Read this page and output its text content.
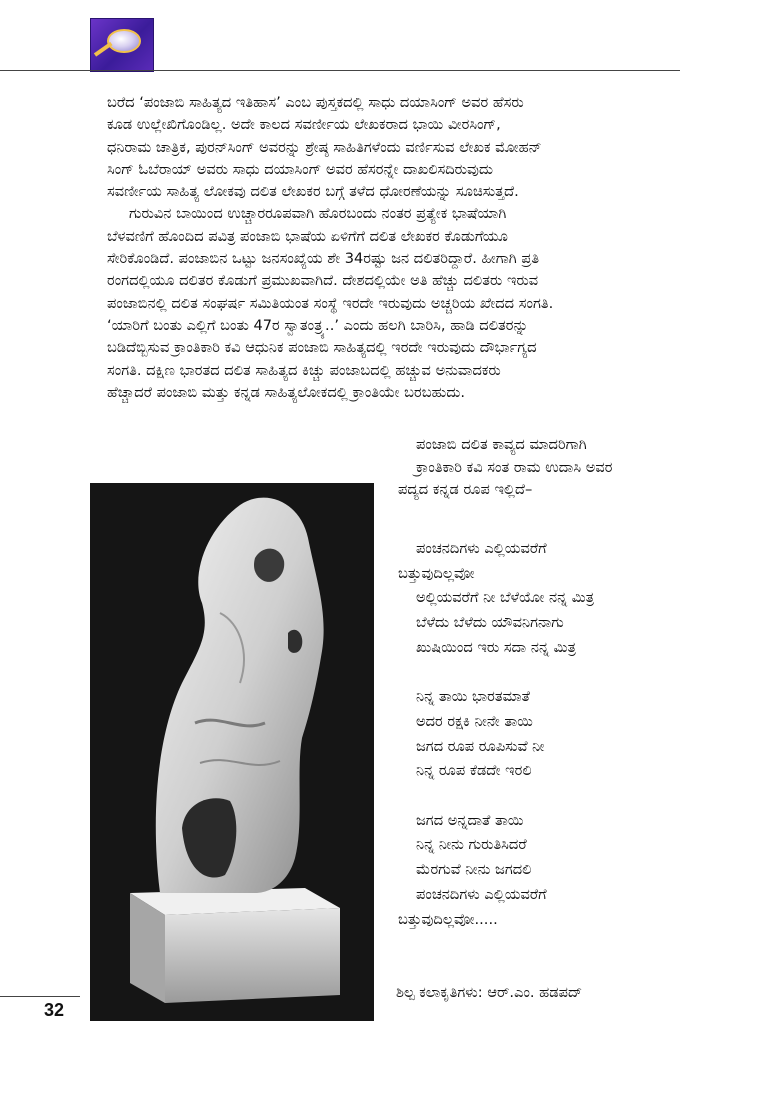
ಬರೆದ ‘ಪಂಜಾಬಿ ಸಾಹಿತ್ಯದ ಇತಿಹಾಸ’ ಎಂಬ ಪುಸ್ತಕದಲ್ಲಿ ಸಾಧು ದಯಾಸಿಂಗ್ ಅವರ ಹೆಸರು

ಕೂಡ ಉಲ್ಲೇಖಿಗೊಂಡಿಲ್ಲ. ಅದೇ ಕಾಲದ ಸವರ್ಣೀಯ ಲೇಖಕರಾದ ಭಾಯಿ ವೀರಸಿಂಗ್,

ಧನಿರಾಮ ಚಾತ್ರಿಕ, ಪುರನ್‌ಸಿಂಗ್ ಅವರನ್ನು ಶ್ರೇಷ್ಠ ಸಾಹಿತಿಗಳೆಂದು ವರ್ಣಿಸುವ ಲೇಖಕ ಮೋಹನ್

ಸಿಂಗ್ ಓಬೆರಾಯ್ ಅವರು ಸಾಧು ದಯಾಸಿಂಗ್ ಅವರ ಹೆಸರನ್ನೇ ದಾಖಲಿಸದಿರುವುದು

ಸವರ್ಣೀಯ ಸಾಹಿತ್ಯ ಲೋಕವು ದಲಿತ ಲೇಖಕರ ಬಗ್ಗೆ ತಳೆದ ಧೋರಣೆಯನ್ನು ಸೂಚಿಸುತ್ತದೆ.

ಗುರುವಿನ ಬಾಯಿಂದ ಉಚ್ಚಾರರೂಪವಾಗಿ ಹೊರಬಂದು ನಂತರ ಪ್ರತ್ಯೇಕ ಭಾಷೆಯಾಗಿ

ಬೆಳವಣಿಗೆ ಹೊಂದಿದ ಪವಿತ್ರ ಪಂಜಾಬಿ ಭಾಷೆಯ ಏಳಿಗೆಗೆ ದಲಿತ ಲೇಖಕರ ಕೊಡುಗೆಯೂ

ಸೇರಿಕೊಂಡಿದೆ. ಪಂಜಾಬಿನ ಒಟ್ಟು ಜನಸಂಖ್ಯೆಯ ಶೇ 34ರಷ್ಟು ಜನ ದಲಿತರಿದ್ದಾರೆ. ಹೀಗಾಗಿ ಪ್ರತಿ

ರಂಗದಲ್ಲಿಯೂ ದಲಿತರ ಕೊಡುಗೆ ಪ್ರಮುಖವಾಗಿದೆ. ದೇಶದಲ್ಲಿಯೇ ಅತಿ ಹೆಚ್ಚು ದಲಿತರು ಇರುವ

ಪಂಜಾಬಿನಲ್ಲಿ ದಲಿತ ಸಂಘರ್ಷ ಸಮಿತಿಯಂತ ಸಂಸ್ಥೆ ಇರದೇ ಇರುವುದು ಅಚ್ಚರಿಯ ಖೇದದ ಸಂಗತಿ.

‘ಯಾರಿಗೆ ಬಂತು ಎಲ್ಲಿಗೆ ಬಂತು 47ರ ಸ್ವಾತಂತ್ರ್ಯ..’ ಎಂದು ಹಲಗಿ ಬಾರಿಸಿ, ಹಾಡಿ ದಲಿತರನ್ನು

ಬಡಿದೆಬ್ಬಿಸುವ ಕ್ರಾಂತಿಕಾರಿ ಕವಿ ಆಧುನಿಕ ಪಂಜಾಬಿ ಸಾಹಿತ್ಯದಲ್ಲಿ ಇರದೇ ಇರುವುದು ದೌರ್ಭಾಗ್ಯದ

ಸಂಗತಿ. ದಕ್ಷಿಣ ಭಾರತದ ದಲಿತ ಸಾಹಿತ್ಯದ ಕಿಚ್ಚು ಪಂಜಾಬದಲ್ಲಿ ಹಚ್ಚುವ ಅನುವಾದಕರು

ಹೆಚ್ಚಾದರೆ ಪಂಜಾಬಿ ಮತ್ತು ಕನ್ನಡ ಸಾಹಿತ್ಯಲೋಕದಲ್ಲಿ ಕ್ರಾಂತಿಯೇ ಬರಬಹುದು.

ಪಂಜಾಬಿ ದಲಿತ ಕಾವ್ಯದ ಮಾದರಿಗಾಗಿ
ಕ್ರಾಂತಿಕಾರಿ ಕವಿ ಸಂತ ರಾಮ ಉದಾಸಿ ಅವರ
ಪದ್ಯದ ಕನ್ನಡ ರೂಪ ಇಲ್ಲಿದೆ–
ಪಂಚನದಿಗಳು ಎಲ್ಲಿಯವರೆಗೆ
ಬತ್ತುವುದಿಲ್ಲವೋ
ಅಲ್ಲಿಯವರೆಗೆ ನೀ ಬೆಳೆಯೋ ನನ್ನ ಮಿತ್ರ
ಬೆಳೆದು ಬೆಳೆದು ಯೌವನಿಗನಾಗು
ಖುಷಿಯಿಂದ ಇರು ಸದಾ ನನ್ನ ಮಿತ್ರ
ನಿನ್ನ ತಾಯಿ ಭಾರತಮಾತೆ
ಅದರ ರಕ್ಷಕಿ ನೀನೇ ತಾಯಿ
ಜಗದ ರೂಪ ರೂಪಿಸುವೆ ನೀ
ನಿನ್ನ ರೂಪ ಕೆಡದೇ ಇರಲಿ
ಜಗದ ಅನ್ನದಾತೆ ತಾಯಿ
ನಿನ್ನ ನೀನು ಗುರುತಿಸಿದರೆ
ಮೆರಗುವೆ ನೀನು ಜಗದಲಿ
ಪಂಚನದಿಗಳು ಎಲ್ಲಿಯವರೆಗೆ
ಬತ್ತುವುದಿಲ್ಲವೋ.....
ಶಿಲ್ಪ ಕಲಾಕೃತಿಗಳು: ಆರ್.ಎಂ. ಹಡಪದ್
32
